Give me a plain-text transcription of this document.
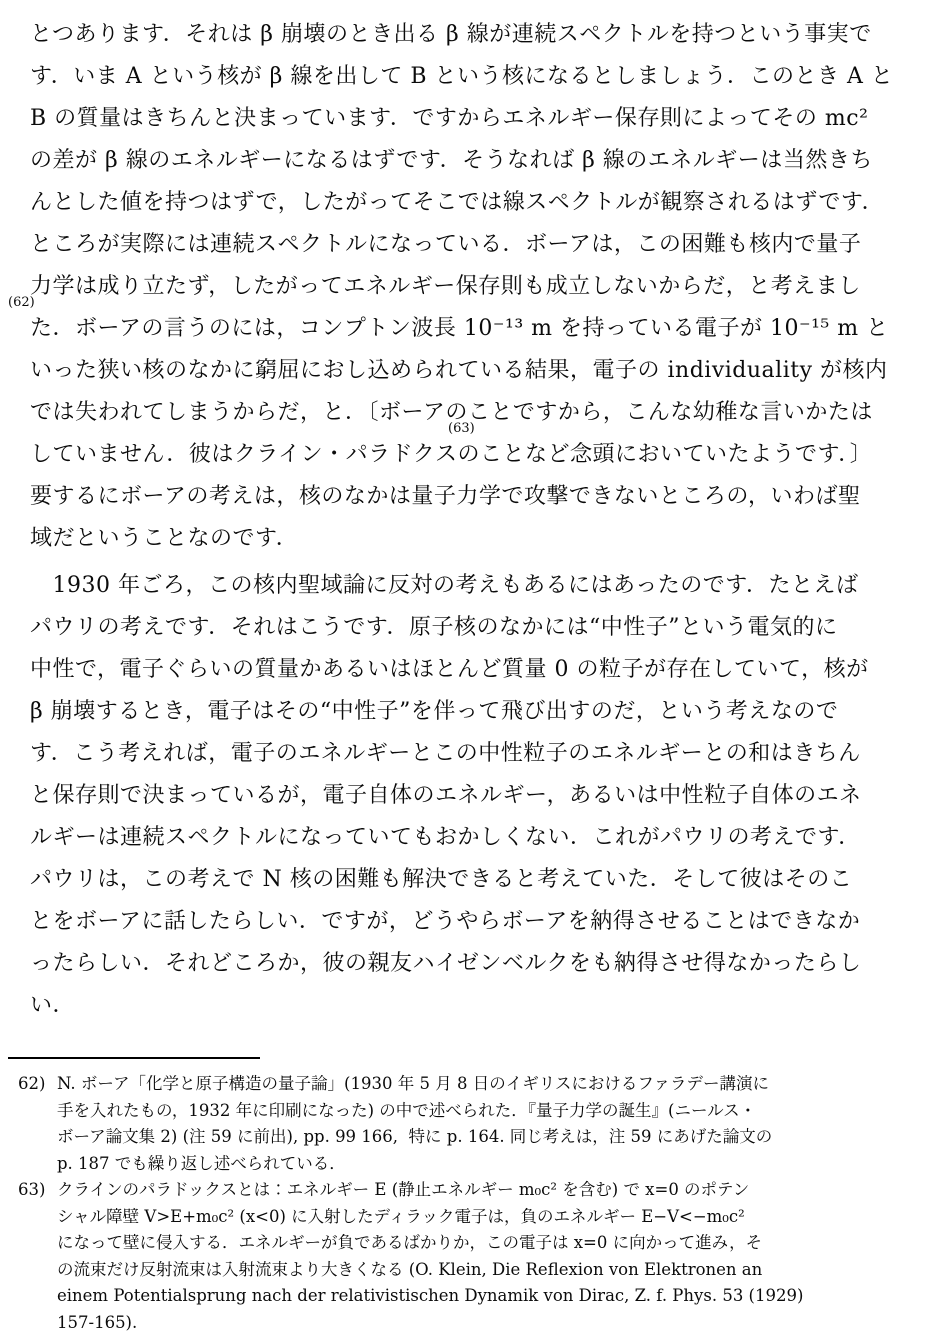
とつあります．それは β 崩壊のとき出る β 線が連続スペクトルを持つという事実で
す．いま A という核が β 線を出して B という核になるとしましょう．このとき A と
B の質量はきちんと決まっています．ですからエネルギー保存則によってその mc²
の差が β 線のエネルギーになるはずです．そうなれば β 線のエネルギーは当然きち
んとした値を持つはずで，したがってそこでは線スペクトルが観察されるはずです．
ところが実際には連続スペクトルになっている．ボーアは，この困難も核内で量子
力学は成り立たず，したがってエネルギー保存則も成立しないからだ，と考えまし
た．ボーアの言うのには，コンプトン波長 10⁻¹³ m を持っている電子が 10⁻¹⁵ m と
(62)
いった狭い核のなかに窮屈におし込められている結果，電子の individuality が核内
では失われてしまうからだ，と．〔ボーアのことですから，こんな幼稚な言いかたは
していません．彼はクライン・パラドクスのことなど念頭においていたようです．〕
(63)
要するにボーアの考えは，核のなかは量子力学で攻撃できないところの，いわば聖
域だということなのです．
　1930 年ごろ，この核内聖域論に反対の考えもあるにはあったのです．たとえば
パウリの考えです．それはこうです．原子核のなかには“中性子”という電気的に
中性で，電子ぐらいの質量かあるいはほとんど質量 0 の粒子が存在していて，核が
β 崩壊するとき，電子はその“中性子”を伴って飛び出すのだ，という考えなので
す．こう考えれば，電子のエネルギーとこの中性粒子のエネルギーとの和はきちん
と保存則で決まっているが，電子自体のエネルギー，あるいは中性粒子自体のエネ
ルギーは連続スペクトルになっていてもおかしくない．これがパウリの考えです．
パウリは，この考えで N 核の困難も解決できると考えていた．そして彼はそのこ
とをボーアに話したらしい．ですが，どうやらボーアを納得させることはできなか
ったらしい．それどころか，彼の親友ハイゼンベルクをも納得させ得なかったらし
い．
62) N. ボーア「化学と原子構造の量子論」(1930 年 5 月 8 日のイギリスにおけるファラデー講演に
手を入れたもの，1932 年に印刷になった) の中で述べられた．『量子力学の誕生』(ニールス・
ボーア論文集 2) (注 59 に前出), pp. 99 166,  特に p. 164. 同じ考えは，注 59 にあげた論文の
p. 187 でも繰り返し述べられている．
63) クラインのパラドックスとは：エネルギー E (静止エネルギー m₀c² を含む) で x=0 のポテン
シャル障壁 V>E+m₀c² (x<0) に入射したディラック電子は，負のエネルギー E−V<−m₀c²
になって壁に侵入する．エネルギーが負であるばかりか，この電子は x=0 に向かって進み，そ
の流束だけ反射流束は入射流束より大きくなる (O. Klein, Die Reflexion von Elektronen an
einem Potentialsprung nach der relativistischen Dynamik von Dirac, Z. f. Phys. 53 (1929)
157-165).
